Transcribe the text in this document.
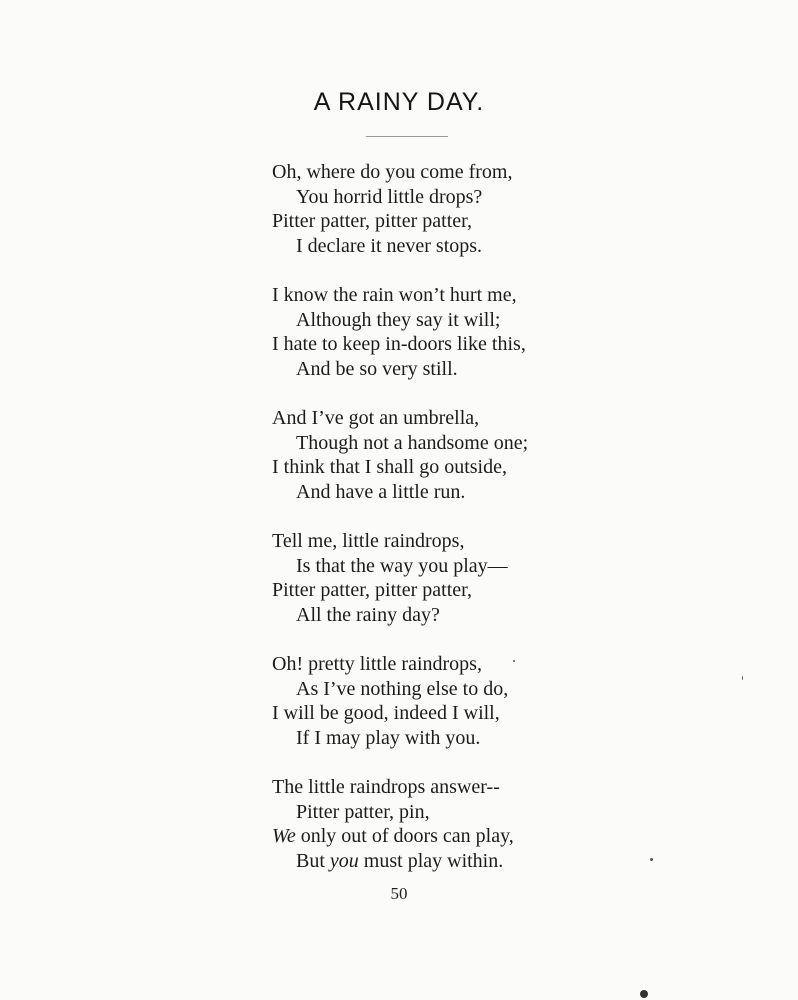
A RAINY DAY.
Oh, where do you come from,
You horrid little drops?
Pitter patter, pitter patter,
I declare it never stops.
I know the rain won’t hurt me,
Although they say it will;
I hate to keep in-doors like this,
And be so very still.
And I’ve got an umbrella,
Though not a handsome one;
I think that I shall go outside,
And have a little run.
Tell me, little raindrops,
Is that the way you play—
Pitter patter, pitter patter,
All the rainy day?
Oh! pretty little raindrops,
As I’ve nothing else to do,
I will be good, indeed I will,
If I may play with you.
The little raindrops answer--
Pitter patter, pin,
We only out of doors can play,
But you must play within.
50
